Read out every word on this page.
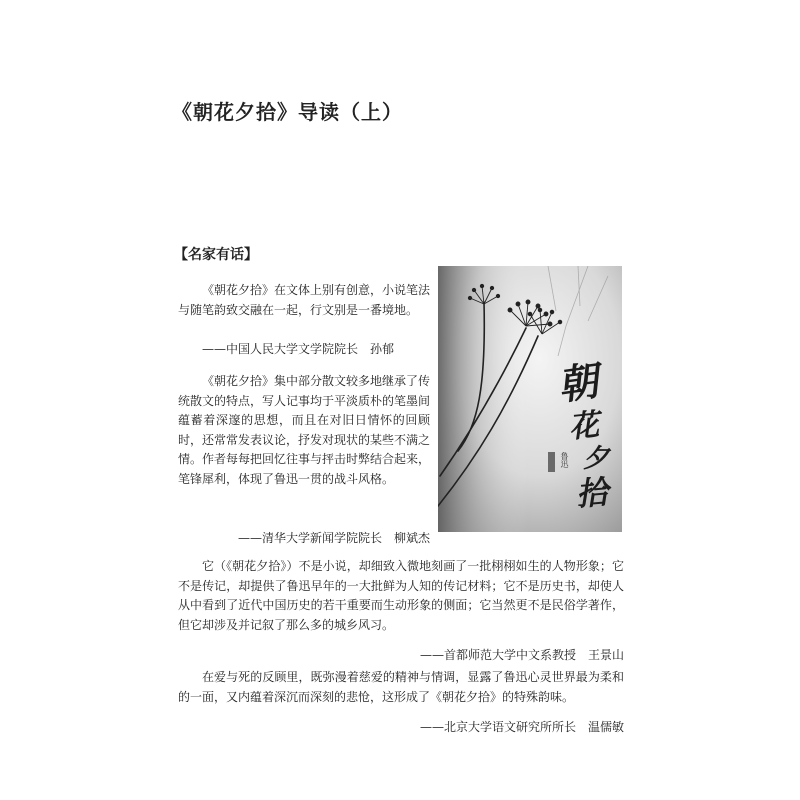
《朝花夕拾》导读（上）
【名家有话】
朝
花
夕
拾
鲁迅
《朝花夕拾》在文体上别有创意，小说笔法与随笔韵致交融在一起，行文别是一番境地。
——中国人民大学文学院院长　孙郁
《朝花夕拾》集中部分散文较多地继承了传统散文的特点，写人记事均于平淡质朴的笔墨间蕴蓄着深邃的思想，而且在对旧日情怀的回顾时，还常常发表议论，抒发对现状的某些不满之情。作者每每把回忆往事与抨击时弊结合起来，笔锋犀利，体现了鲁迅一贯的战斗风格。
——清华大学新闻学院院长　柳斌杰
它（《朝花夕拾》）不是小说，却细致入微地刻画了一批栩栩如生的人物形象；它不是传记，却提供了鲁迅早年的一大批鲜为人知的传记材料；它不是历史书，却使人从中看到了近代中国历史的若干重要而生动形象的侧面；它当然更不是民俗学著作，但它却涉及并记叙了那么多的城乡风习。
——首都师范大学中文系教授　王景山
在爱与死的反顾里，既弥漫着慈爱的精神与情调，显露了鲁迅心灵世界最为柔和的一面，又内蕴着深沉而深刻的悲怆，这形成了《朝花夕拾》的特殊韵味。
——北京大学语文研究所所长　温儒敏
